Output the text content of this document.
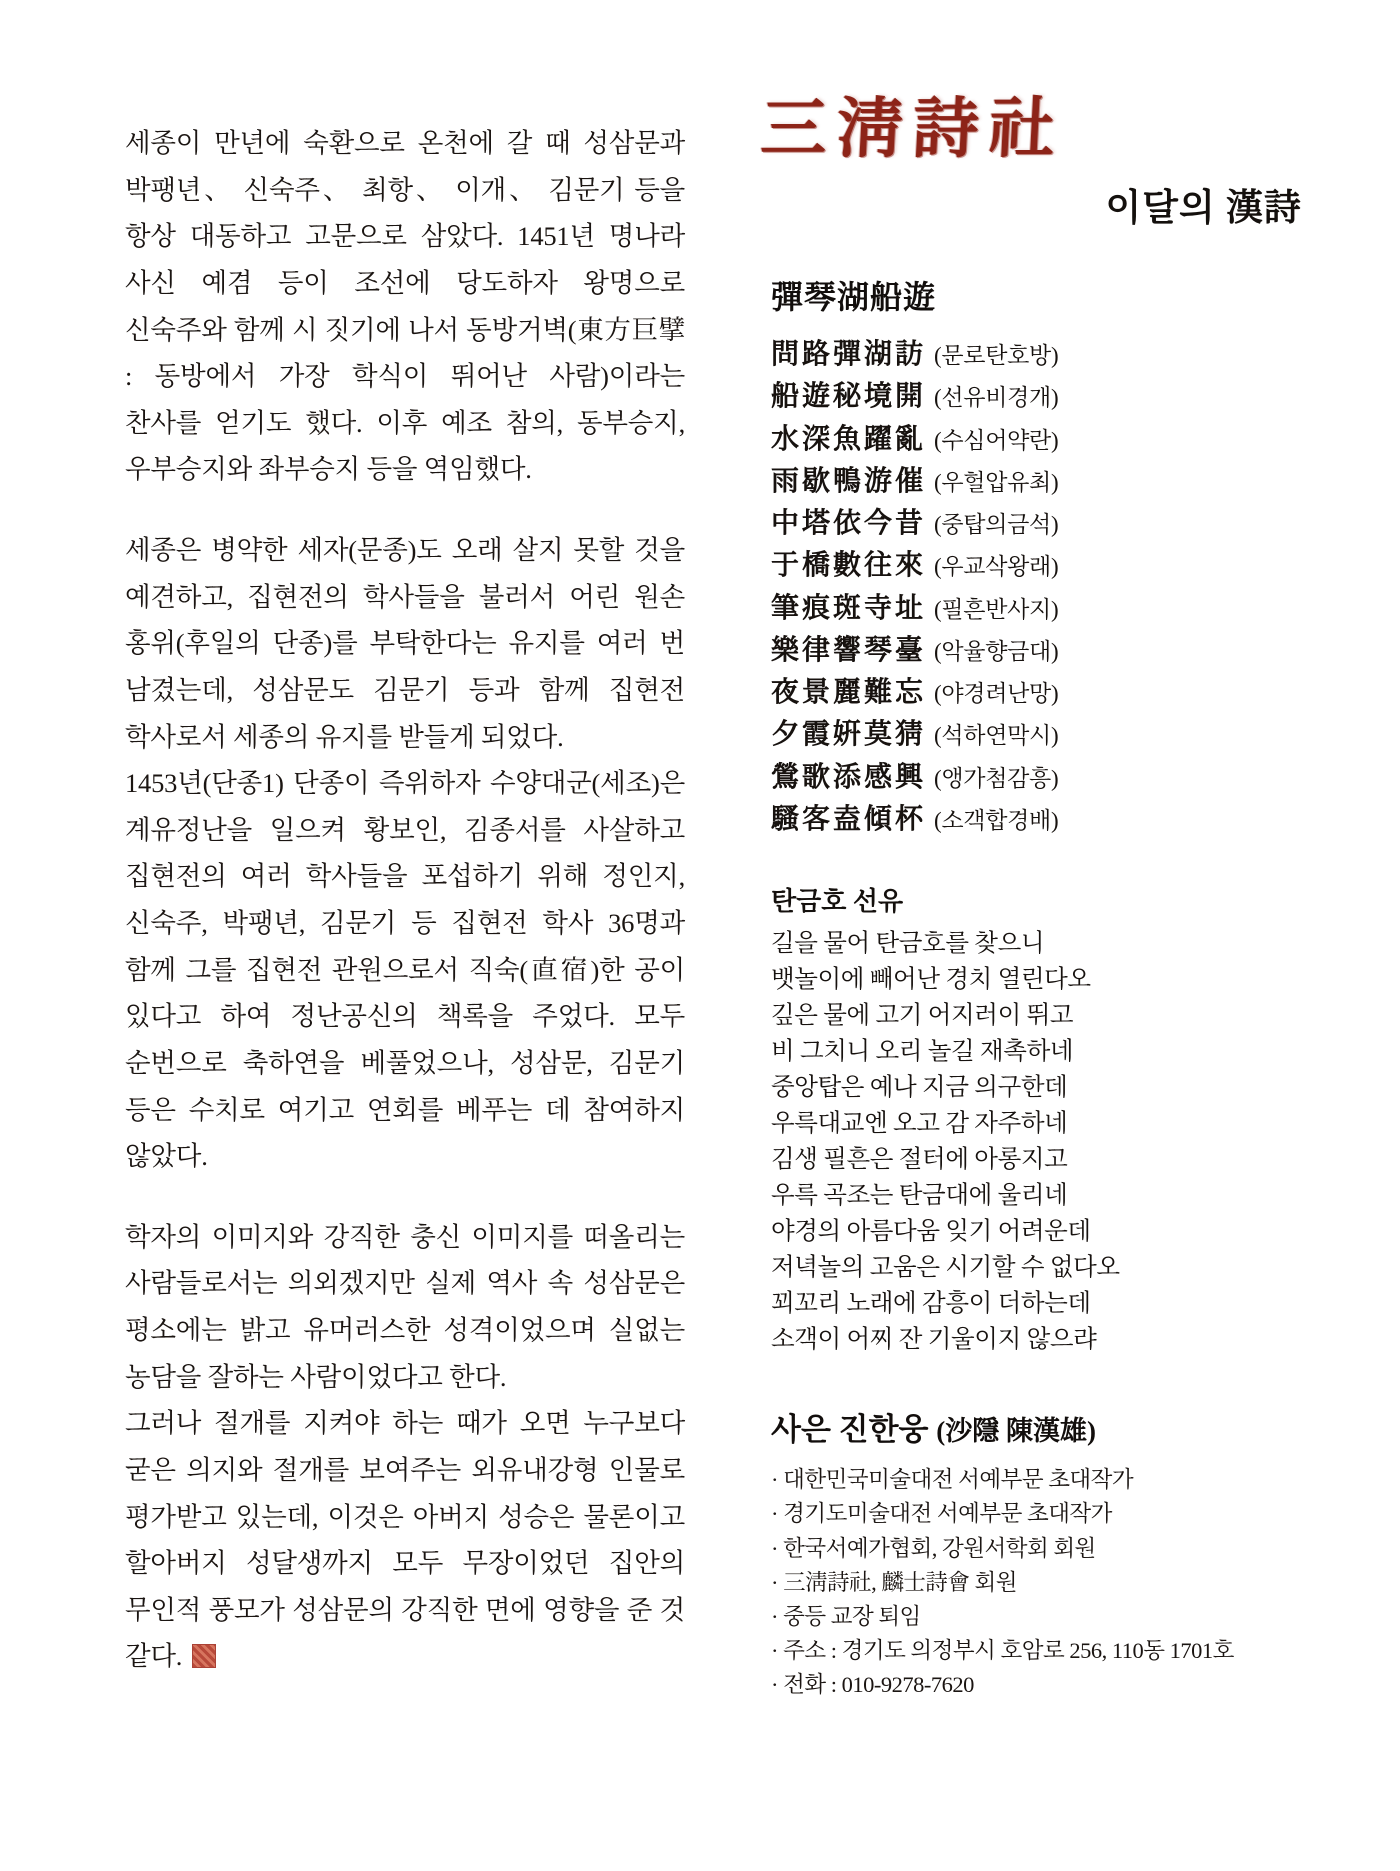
세종이 만년에 숙환으로 온천에 갈 때 성삼문과 박팽년、 신숙주、 최항、 이개、 김문기 등을 항상 대동하고 고문으로 삼았다. 1451년 명나라 사신 예겸 등이 조선에 당도하자 왕명으로 신숙주와 함께 시 짓기에 나서 동방거벽(東方巨擘 : 동방에서 가장 학식이 뛰어난 사람)이라는 찬사를 얻기도 했다. 이후 예조 참의, 동부승지, 우부승지와 좌부승지 등을 역임했다.

세종은 병약한 세자(문종)도 오래 살지 못할 것을 예견하고, 집현전의 학사들을 불러서 어린 원손 홍위(후일의 단종)를 부탁한다는 유지를 여러 번 남겼는데, 성삼문도 김문기 등과 함께 집현전 학사로서 세종의 유지를 받들게 되었다.

1453년(단종1) 단종이 즉위하자 수양대군(세조)은 계유정난을 일으켜 황보인, 김종서를 사살하고 집현전의 여러 학사들을 포섭하기 위해 정인지, 신숙주, 박팽년, 김문기 등 집현전 학사 36명과 함께 그를 집현전 관원으로서 직숙(直宿)한 공이 있다고 하여 정난공신의 책록을 주었다. 모두 순번으로 축하연을 베풀었으나, 성삼문, 김문기 등은 수치로 여기고 연회를 베푸는 데 참여하지 않았다.

학자의 이미지와 강직한 충신 이미지를 떠올리는 사람들로서는 의외겠지만 실제 역사 속 성삼문은 평소에는 밝고 유머러스한 성격이었으며 실없는 농담을 잘하는 사람이었다고 한다.

그러나 절개를 지켜야 하는 때가 오면 누구보다 굳은 의지와 절개를 보여주는 외유내강형 인물로 평가받고 있는데, 이것은 아버지 성승은 물론이고 할아버지 성달생까지 모두 무장이었던 집안의 무인적 풍모가 성삼문의 강직한 면에 영향을 준 것 같다.

三淸詩社
이달의 漢詩
彈琴湖船遊
問路彈湖訪 (문로탄호방)
船遊秘境開 (선유비경개)
水深魚躍亂 (수심어약란)
雨歇鴨游催 (우헐압유최)
中塔依今昔 (중탑의금석)
于橋數往來 (우교삭왕래)
筆痕斑寺址 (필흔반사지)
樂律響琴臺 (악율향금대)
夜景麗難忘 (야경려난망)
夕霞姸莫猜 (석하연막시)
鶯歌添感興 (앵가첨감흥)
騷客盍傾杯 (소객합경배)
탄금호 선유
길을 물어 탄금호를 찾으니
뱃놀이에 빼어난 경치 열린다오
깊은 물에 고기 어지러이 뛰고
비 그치니 오리 놀길 재촉하네
중앙탑은 예나 지금 의구한데
우륵대교엔 오고 감 자주하네
김생 필흔은 절터에 아롱지고
우륵 곡조는 탄금대에 울리네
야경의 아름다움 잊기 어려운데
저녁놀의 고움은 시기할 수 없다오
꾀꼬리 노래에 감흥이 더하는데
소객이 어찌 잔 기울이지 않으랴
사은 진한웅 (沙隱 陳漢雄)
· 대한민국미술대전 서예부문 초대작가
· 경기도미술대전 서예부문 초대작가
· 한국서예가협회, 강원서학회 회원
· 三淸詩社, 麟士詩會 회원
· 중등 교장 퇴임
· 주소 : 경기도 의정부시 호암로 256, 110동 1701호
· 전화 : 010-9278-7620
